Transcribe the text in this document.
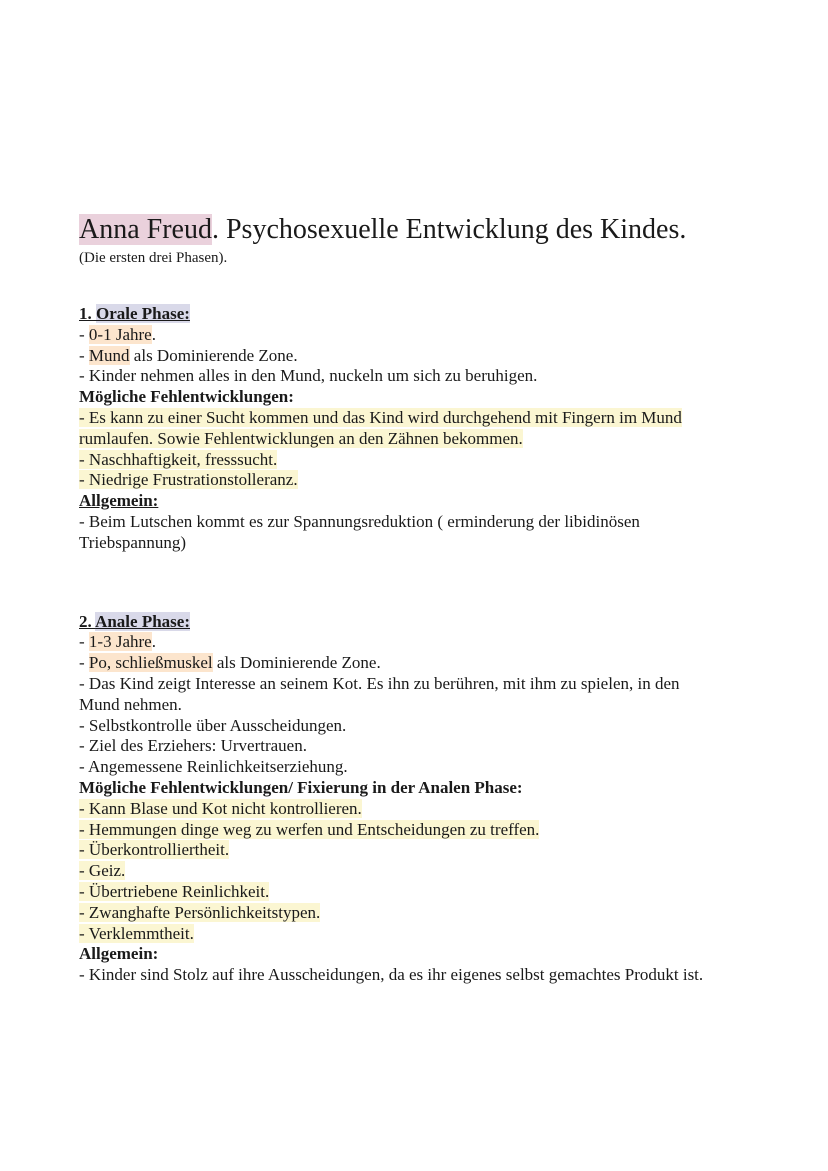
Anna Freud. Psychosexuelle Entwicklung des Kindes.

(Die ersten drei Phasen).

1. Orale Phase:

- 0-1 Jahre.

- Mund als Dominierende Zone.

- Kinder nehmen alles in den Mund, nuckeln um sich zu beruhigen.

Mögliche Fehlentwicklungen:

- Es kann zu einer Sucht kommen und das Kind wird durchgehend mit Fingern im Mund

rumlaufen. Sowie Fehlentwicklungen an den Zähnen bekommen.

- Naschhaftigkeit, fresssucht.

- Niedrige Frustrationstolleranz.

Allgemein:

- Beim Lutschen kommt es zur Spannungsreduktion ( erminderung der libidinösen

Triebspannung)

2. Anale Phase:

- 1-3 Jahre.

- Po, schließmuskel als Dominierende Zone.

- Das Kind zeigt Interesse an seinem Kot. Es ihn zu berühren, mit ihm zu spielen, in den

Mund nehmen.

- Selbstkontrolle über Ausscheidungen.

- Ziel des Erziehers: Urvertrauen.

- Angemessene Reinlichkeitserziehung.

Mögliche Fehlentwicklungen/ Fixierung in der Analen Phase:

- Kann Blase und Kot nicht kontrollieren.

- Hemmungen dinge weg zu werfen und Entscheidungen zu treffen.

- Überkontrolliertheit.

- Geiz.

- Übertriebene Reinlichkeit.

- Zwanghafte Persönlichkeitstypen.

- Verklemmtheit.

Allgemein:

- Kinder sind Stolz auf ihre Ausscheidungen, da es ihr eigenes selbst gemachtes Produkt ist.
